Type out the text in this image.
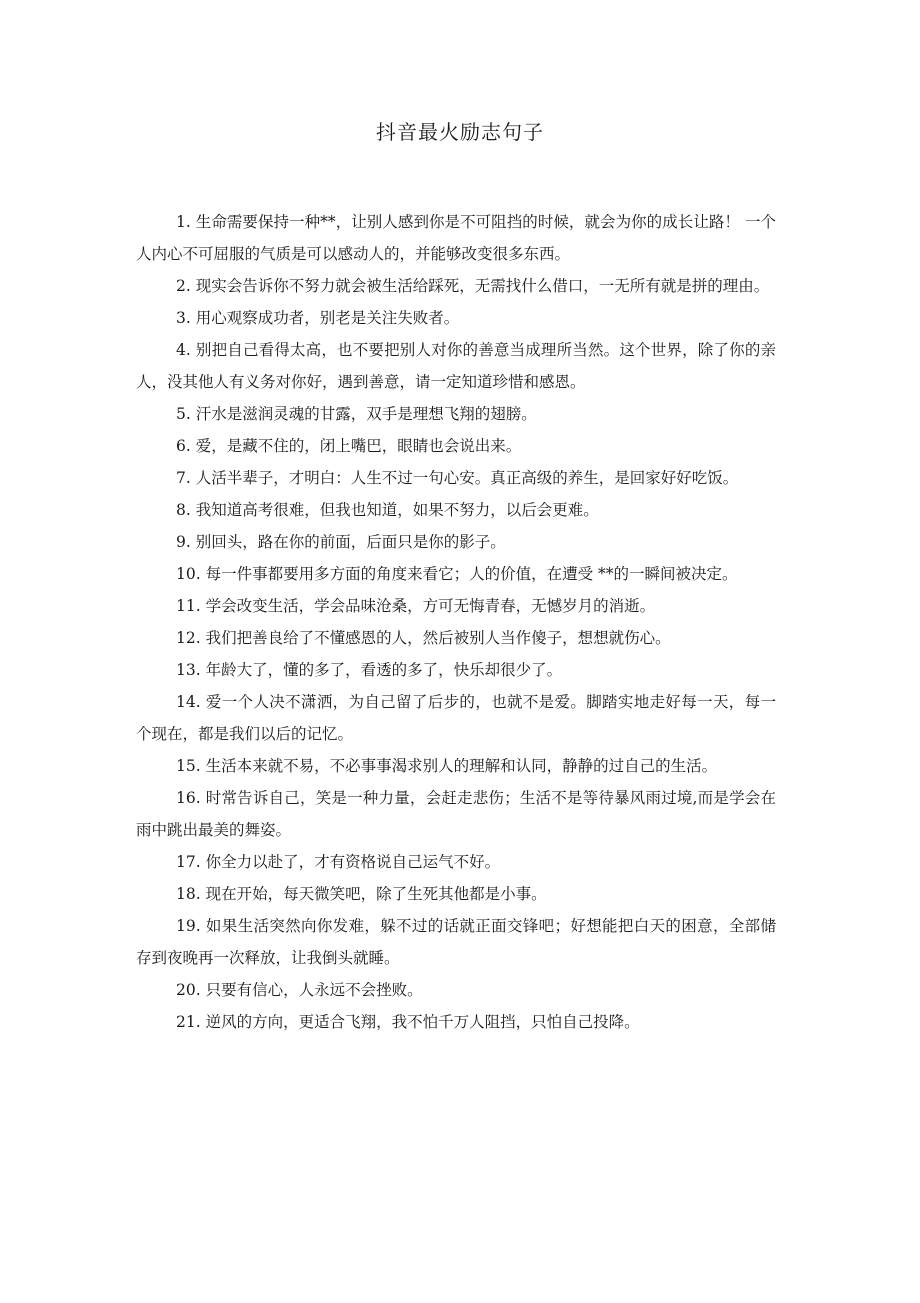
抖音最火励志句子

1. 生命需要保持一种**，让别人感到你是不可阻挡的时候，就会为你的成长让路！ 一个人内心不可屈服的气质是可以感动人的，并能够改变很多东西。

2. 现实会告诉你不努力就会被生活给踩死，无需找什么借口，一无所有就是拼的理由。

3. 用心观察成功者，别老是关注失败者。

4. 别把自己看得太高，也不要把别人对你的善意当成理所当然。这个世界，除了你的亲人，没其他人有义务对你好，遇到善意，请一定知道珍惜和感恩。

5. 汗水是滋润灵魂的甘露，双手是理想飞翔的翅膀。

6. 爱，是藏不住的，闭上嘴巴，眼睛也会说出来。

7. 人活半辈子，才明白：人生不过一句心安。真正高级的养生，是回家好好吃饭。

8. 我知道高考很难，但我也知道，如果不努力，以后会更难。

9. 别回头，路在你的前面，后面只是你的影子。

10. 每一件事都要用多方面的角度来看它；人的价值，在遭受 **的一瞬间被决定。

11. 学会改变生活，学会品味沧桑，方可无悔青春，无憾岁月的消逝。

12. 我们把善良给了不懂感恩的人，然后被别人当作傻子，想想就伤心。

13. 年龄大了，懂的多了，看透的多了，快乐却很少了。

14. 爱一个人决不潇洒，为自己留了后步的，也就不是爱。脚踏实地走好每一天，每一个现在，都是我们以后的记忆。

15. 生活本来就不易，不必事事渴求别人的理解和认同，静静的过自己的生活。

16. 时常告诉自己，笑是一种力量，会赶走悲伤；生活不是等待暴风雨过境,而是学会在雨中跳出最美的舞姿。

17. 你全力以赴了，才有资格说自己运气不好。

18. 现在开始，每天微笑吧，除了生死其他都是小事。

19. 如果生活突然向你发难，躲不过的话就正面交锋吧；好想能把白天的困意，全部储存到夜晚再一次释放，让我倒头就睡。

20. 只要有信心，人永远不会挫败。

21. 逆风的方向，更适合飞翔，我不怕千万人阻挡，只怕自己投降。
